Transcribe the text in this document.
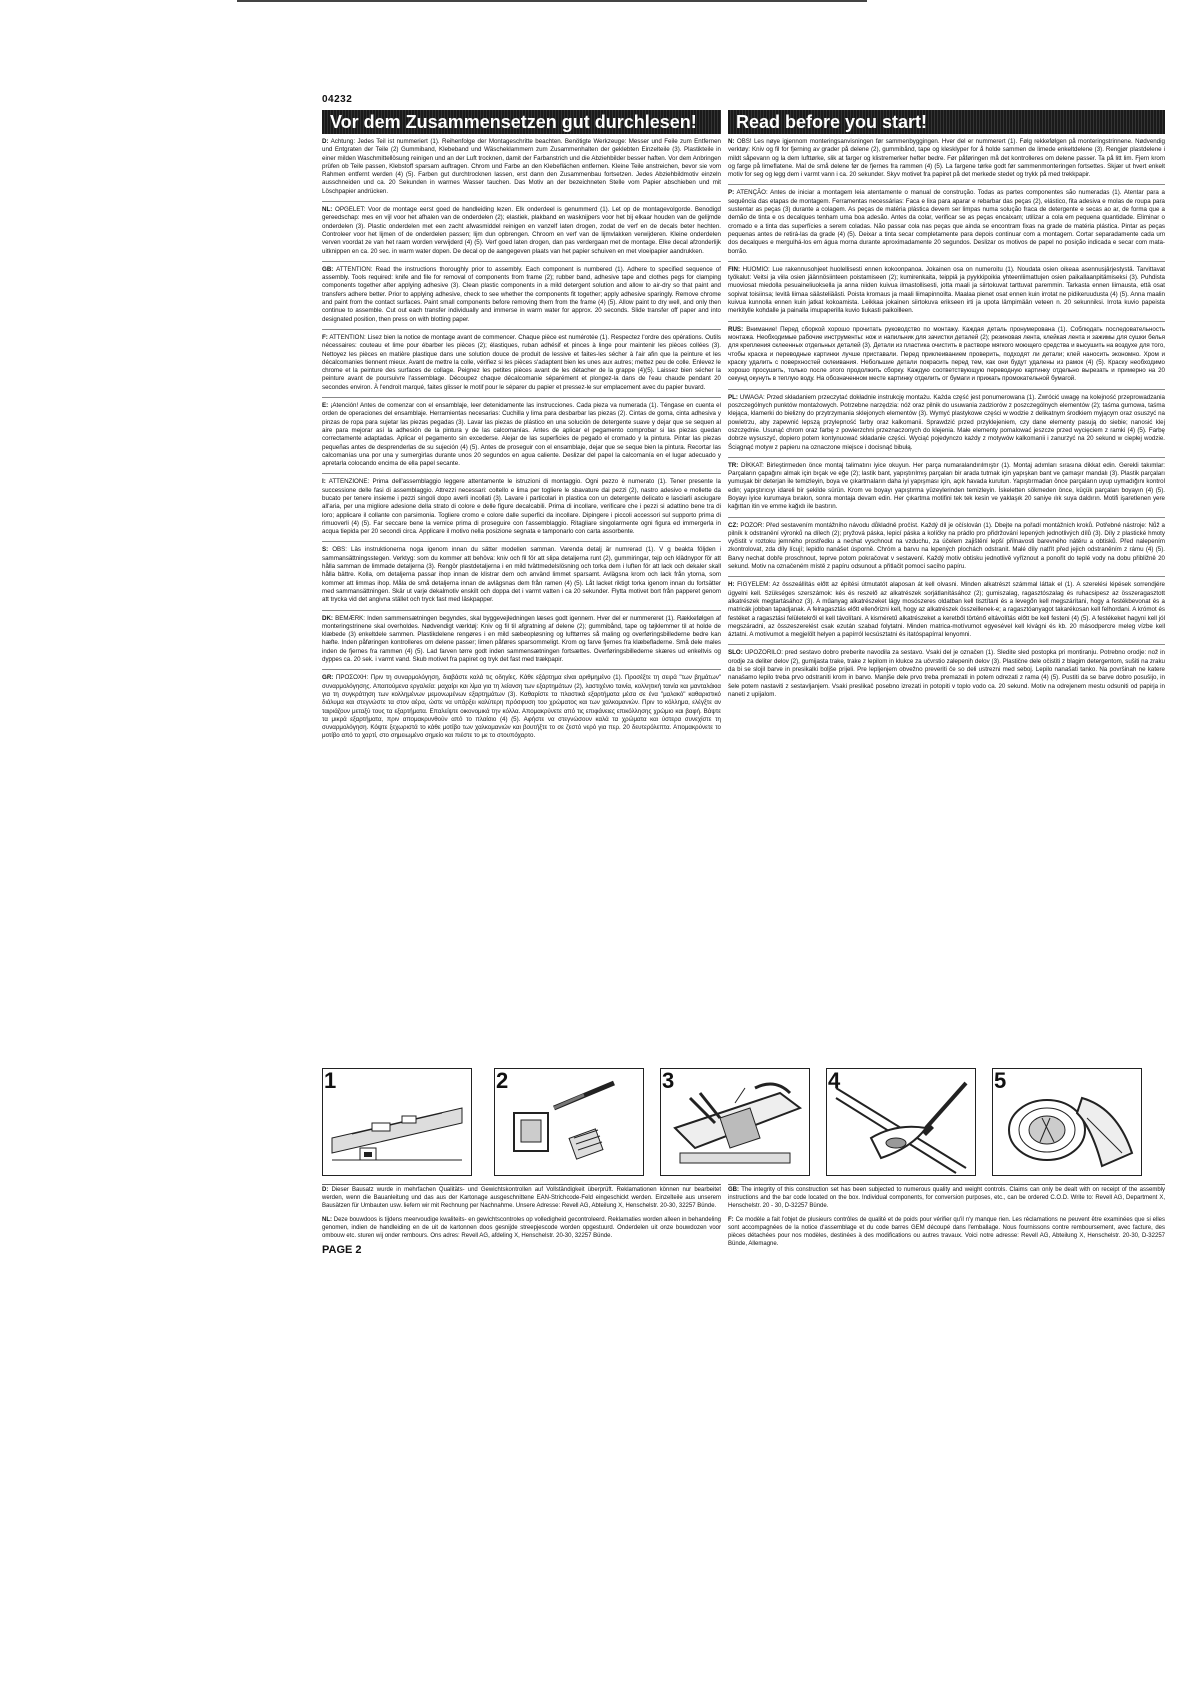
04232
Vor dem Zusammensetzen gut durchlesen!	Read before you start!
D: Achtung: Jedes Teil ist nummeriert (1). Reihenfolge der Montageschritte beachten. Benötigte Werkzeuge: Messer und Feile zum Entfernen und Entgraten der Teile (2) Gummiband, Klebeband und Wäscheklammern zum Zusammenhalten der geklebten Einzelteile (3). Plastikteile in einer milden Waschmittellösung reinigen und an der Luft trocknen, damit der Farbanstrich und die Abziehbilder besser haften. Vor dem Anbringen prüfen ob Teile passen, Klebstoff sparsam auftragen. Chrom und Farbe an den Klebeflächen entfernen. Kleine Teile anstreichen, bevor sie vom Rahmen entfernt werden (4) (5). Farben gut durchtrocknen lassen, erst dann den Zusammenbau fortsetzen. Jedes Abziehbildmotiv einzeln ausschneiden und ca. 20 Sekunden in warmes Wasser tauchen. Das Motiv an der bezeichneten Stelle vom Papier abschieben und mit Löschpapier andrücken.
NL: OPGELET: Voor de montage eerst goed de handleiding lezen. Elk onderdeel is genummerd (1). Let op de montagevolgorde. Benodigd gereedschap: mes en vijl voor het afhalen van de onderdelen (2); elastiek, plakband en wasknijpers voor het bij elkaar houden van de gelijmde onderdelen (3). Plastic onderdelen met een zacht afwasmiddel reinigen en vanzelf laten drogen, zodat de verf en de decals beter hechten. Controleer voor het lijmen of de onderdelen passen; lijm dun opbrengen. Chroom en verf van de lijmvlakken verwijderen. Kleine onderdelen verven voordat ze van het raam worden verwijderd (4) (5). Verf goed laten drogen, dan pas verdergaan met de montage. Elke decal afzonderlijk uitknippen en ca. 20 sec. in warm water dopen. De decal op de aangegeven plaats van het papier schuiven en met vloeipapier aandrukken.
GB: ATTENTION: Read the instructions thoroughly prior to assembly. Each component is numbered (1). Adhere to specified sequence of assembly. Tools required: knife and file for removal of components from frame (2); rubber band, adhesive tape and clothes pegs for clamping components together after applying adhesive (3). Clean plastic components in a mild detergent solution and allow to air-dry so that paint and transfers adhere better. Prior to applying adhesive, check to see whether the components fit together; apply adhesive sparingly. Remove chrome and paint from the contact surfaces. Paint small components before removing them from the frame (4) (5). Allow paint to dry well, and only then continue to assemble. Cut out each transfer individually and immerse in warm water for approx. 20 seconds. Slide transfer off paper and into designated position, then press on with blotting paper.
F: ATTENTION: Lisez bien la notice de montage avant de commencer. Chaque pièce est numérotée (1). Respectez l'ordre des opérations. Outils nécessaires: couteau et lime pour ébarber les pièces (2); élastiques, ruban adhésif et pinces à linge pour maintenir les pièces collées (3). Nettoyez les pièces en matière plastique dans une solution douce de produit de lessive et faites-les sécher à l'air afin que la peinture et les décalcomanies tiennent mieux. Avant de mettre la colle, vérifiez si les pièces s'adaptent bien les unes aux autres; mettez peu de colle. Enlevez le chrome et la peinture des surfaces de collage. Peignez les petites pièces avant de les détacher de la grappe (4)(5). Laissez bien sécher la peinture avant de poursuivre l'assemblage. Découpez chaque décalcomanie séparément et plongez-la dans de l'eau chaude pendant 20 secondes environ. À l'endroit marqué, faites glisser le motif pour le séparer du papier et pressez-le sur emplacement avec du papier buvard.
E: ¡Atención! Antes de comenzar con el ensamblaje, leer detenidamente las instrucciones. Cada pieza va numerada (1). Téngase en cuenta el orden de operaciones del ensamblaje. Herramientas necesarias: Cuchilla y lima para desbarbar las piezas (2). Cintas de goma, cinta adhesiva y pinzas de ropa para sujetar las piezas pegadas (3). Lavar las piezas de plástico en una solución de detergente suave y dejar que se sequen al aire para mejorar así la adhesión de la pintura y de las calcomanías. Antes de aplicar el pegamento comprobar si las piezas quedan correctamente adaptadas. Aplicar el pegamento sin excederse. Alejar de las superficies de pegado el cromado y la pintura. Pintar las piezas pequeñas antes de desprenderlas de su sujeción (4) (5). Antes de proseguir con el ensamblaje, dejar que se seque bien la pintura. Recortar las calcomanías una por una y sumergirlas durante unos 20 segundos en agua caliente. Deslizar del papel la calcomanía en el lugar adecuado y apretarla colocando encima de ella papel secante.
I: ATTENZIONE: Prima dell'assemblaggio leggere attentamente le istruzioni di montaggio. Ogni pezzo è numerato (1). Tener presente la successione delle fasi di assemblaggio. Attrezzi necessari: coltello e lima per togliere le sbavature dai pezzi (2), nastro adesivo e mollette da bucato per tenere insieme i pezzi singoli dopo averli incollati (3). Lavare i particolari in plastica con un detergente delicato e lasciarli asciugare all'aria, per una migliore adesione della strato di colore e delle figure decalcabili. Prima di incollare, verificare che i pezzi si adattino bene tra di loro; applicare il collante con parsimonia. Togliere cromo e colore dalle superfici da incollare. Dipingere i piccoli accessori sul supporto prima di rimuoverli (4) (5). Far seccare bene la vernice prima di proseguire con l'assemblaggio. Ritagliare singolarmente ogni figura ed immergerla in acqua tiepida per 20 secondi circa. Applicare il motivo nella posizione segnata e tamponarlo con carta assorbente.
S: OBS: Läs instruktionerna noga igenom innan du sätter modellen samman. Varenda detalj är numrerad (1). V g beakta följden i sammansättningsstegen. Verktyg: som du kommer att behöva: kniv och fil för att slipa detaljerna runt (2), gummiringar, tejp och klädnypor för att hålla samman de limmade detaljerna (3). Rengör plastdetaljerna i en mild tvättmedelslösning och torka dem i luften för att lack och dekaler skall hålla bättre. Kolla, om detaljerna passar ihop innan de klistrar dem och använd limmet sparsamt. Avlägsna krom och lack från ytorna, som kommer att limmas ihop. Måla de små detaljerna innan de avlägsnas dem från ramen (4) (5). Låt lacket riktigt torka igenom innan du fortsätter med sammansättningen. Skär ut varje dekalmotiv enskilt och doppa det i varmt vatten i ca 20 sekunder. Flytta motivet bort från papperet genom att trycka vid det angivna stället och tryck fast med läskpapper.
DK: BEMÆRK: Inden sammensætningen begyndes, skal byggevejledningen læses godt igennem. Hver del er nummereret (1). Rækkefølgen af monteringstrinene skal overholdes. Nødvendigt værktøj: Kniv og fil til afgratning af delene (2); gummibånd, tape og tøjklemmer til at holde de klæbede (3) enkeltdele sammen. Plastikdelene rengøres i en mild sæbeopløsning og lufttørres så maling og overføringsbillederne bedre kan hæfte. Inden påføringen kontrolleres om delene passer; limen påføres sparsommeligt. Krom og farve fjernes fra klæbefladerne. Små dele males inden de fjernes fra rammen (4) (5). Lad farven tørre godt inden sammensætningen fortsættes. Overføringsbillederne skæres ud enkeltvis og dyppes ca. 20 sek. i varmt vand. Skub motivet fra papiret og tryk det fast med trækpapir.
GR: ΠΡΟΣΟΧΗ: Πριν τη συναρμολόγηση, διαβάστε καλά τις οδηγίες. Κάθε εξάρτημα είναι αριθμημένο (1). Προσέξτε τη σειρά "των βημάτων" συναρμολόγησης. Απαιτούμενα εργαλεία: μαχαίρι και λίμα για τη λείανση των εξαρτημάτων (2), λαστιχένιο ταινία, κολλητική ταινία και μανταλάκια για τη συγκράτηση των κολλημένων μεμονωμένων εξαρτημάτων (3). Καθαρίστε τα πλαστικά εξαρτήματα μέσα σε ένα "μαλακό" καθαριστικό διάλυμα και στεγνώστε τα στον αέρα, ώστε να υπάρξει καλύτερη πρόσφυση του χρώματος και των χαλκομανιών. Πριν το κόλλημα, ελέγξτε αν ταιριάζουν μεταξύ τους τα εξαρτήματα. Επαλείψτε οικονομικά την κόλλα. Απομακρύνετε από τις επιφάνειες επικόλλησης χρώμιο και βαφή. Βάψτε τα μικρά εξαρτήματα, πριν απομακρυνθούν από το πλαίσιο (4) (5). Αφήστε να στεγνώσουν καλά τα χρώματα και ύστερα συνεχίστε τη συναρμολόγηση. Κόψτε ξεχωριστά το κάθε μοτίβο των χαλκομανιών και βουτήξτε το σε ζεστό νερό για περ. 20 δευτερόλεπτα. Απομακρύνετε το μοτίβο από το χαρτί, στο σημειωμένο σημείο και πιέστε το με το στουπόχαρτο.
N: OBS! Les nøye igjennom monteringsanvisningen før sammenbyggingen. Hver del er nummerert (1). Følg rekkefølgen på monteringstrinnene. Nødvendig verktøy: Kniv og fil for fjerning av grader på delene (2), gummibånd, tape og klesklyper for å holde sammen de limede enkeltdelene (3). Rengjør plastdelene i mildt såpevann og la dem lufttørke, slik at farger og klistremerker hefter bedre. Før påføringen må det kontrolleres om delene passer. Ta på litt lim. Fjern krom og farge på limeflatene. Mal de små delene før de fjernes fra rammen (4) (5). La fargene tørke godt før sammenmonteringen fortsettes. Skjær ut hvert enkelt motiv for seg og legg dem i varmt vann i ca. 20 sekunder. Skyv motivet fra papiret på det merkede stedet og trykk på med trekkpapir.
P: ATENÇÃO: Antes de iniciar a montagem leia atentamente o manual de construção. Todas as partes componentes são numeradas (1). Atentar para a sequência das etapas de montagem. Ferramentas necessárias: Faca e lixa para aparar e rebarbar das peças (2), elástico, fita adesiva e molas de roupa para sustentar as peças (3) durante a colagem. As peças de matéria plástica devem ser limpas numa solução fraca de detergente e secas ao ar, de forma que a demão de tinta e os decalques tenham uma boa adesão. Antes da colar, verificar se as peças encaixam; utilizar a cola em pequena quantidade. Eliminar o cromado e a tinta das superfícies a serem coladas. Não passar cola nas peças que ainda se encontram fixas na grade de matéria plástica. Pintar as peças pequenas antes de retirá-las da grade (4) (5). Deixar a tinta secar completamente para depois continuar com a montagem. Cortar separadamente cada um dos decalques e mergulhá-los em água morna durante aproximadamente 20 segundos. Deslizar os motivos de papel no posição indicada e secar com mata-borrão.
FIN: HUOMIO: Lue rakennusohjeet huolellisesti ennen kokoonpanoa. Jokainen osa on numeroitu (1). Noudata osien oikeaa asennusjärjestystä. Tarvittavat työkalut: Veitsi ja viila osien jäännösiinteen poistamiseen (2); kumirenkaita, teippiä ja pyykkipoikia yhteenliimattujen osien paikallaanpitämiseksi (3). Puhdista muoviosat miedolla pesuaineliuoksella ja anna niiden kuivua ilmastollisesti, jotta maali ja siirtokuvat tarttuvat paremmin. Tarkasta ennen liimausta, että osat sopivat toisiinsa; levitä liimaa säästeliäästi. Poista kromaus ja maali liimapinnoilta. Maalaa pienet osat ennen kuin irrotat ne pidikeruudusta (4) (5). Anna maalin kuivua kunnolla ennen kuin jatkat kokoamista. Leikkaa jokainen siirtokuva erikseen irti ja upota lämpimään veteen n. 20 sekunniksi. Irrota kuvio papeista merkitylle kohdalle ja painalla imupaperilla kuvio tiukasti paikoilleen.
RUS: Внимание! Перед сборкой хорошо прочитать руководство по монтажу. Каждая деталь пронумерована (1). Соблюдать последовательность монтажа. Необходимые рабочие инструменты: нож и напильник для зачистки деталей (2); резиновая лента, клейкая лента и зажимы для сушки белья для крепления склеенных отдельных деталей (3). Детали из пластика очистить в растворе мягкого моющего средства и высушить на воздухе для того, чтобы краска и переводные картинки лучше приставали. Перед приклеиванием проверить, подходят ли детали; клей наносить экономно. Хром и краску удалить с поверхностей склеивания. Небольшие детали покрасить перед тем, как они будут удалены из рамок (4) (5). Краску необходимо хорошо просушить, только после этого продолжить сборку. Каждую соответствующую переводную картинку отдельно вырезать и примерно на 20 секунд окунуть в теплую воду. На обозначенном месте картинку отделить от бумаги и прижать промокательной бумагой.
PL: UWAGA: Przed składaniem przeczytać dokładnie instrukcję montażu. Każda część jest ponumerowana (1). Zwrócić uwagę na kolejność przeprowadzania poszczególnych punktów montażowych. Potrzebne narzędzia: nóż oraz pilnik do usuwania zadziorów z poszczególnych elementów (2); taśma gumowa, taśma klejąca, klamerki do bielizny do przytrzymania sklejonych elementów (3). Wymyć plastykowe części w wodzie z delikatnym środkiem myjącym oraz osuszyć na powietrzu, aby zapewnić lepszą przylepność farby oraz kalkomanii. Sprawdzić przed przyklejeniem, czy dane elementy pasują do siebie; nanosić klej oszczędnie. Usunąć chrom oraz farbę z powierzchni przeznaczonych do klejenia. Małe elementy pomalować jeszcze przed wycięciem z ramki (4) (5). Farbę dobrze wysuszyć, dopiero potem kontynuować składanie części. Wyciąć pojedynczo każdy z motywów kalkomanii i zanurzyć na 20 sekund w ciepłej wodzie. Ściągnąć motyw z papieru na oznaczone miejsce i docisnąć bibułą.
TR: DİKKAT: Birleştirmeden önce montaj talimatını iyice okuyun. Her parça numaralandırılmıştır (1). Montaj adımları sırasına dikkat edin. Gerekli takımlar: Parçaların çapağını almak için bıçak ve eğe (2); lastik bant, yapıştırılmış parçaları bir arada tutmak için yapışkan bant ve çamaşır mandalı (3). Plastik parçaları yumuşak bir deterjan ile temizleyin, boya ve çıkartmaların daha iyi yapışması için, açık havada kurutun. Yapıştırmadan önce parçaların uyup uymadığını kontrol edin; yapıştırıcıyı idareli bir şekilde sürün. Krom ve boyayı yapıştırma yüzeylerinden temizleyin. İskeletten sökmeden önce, küçük parçaları boyayın (4) (5). Boyayı iyice kurumaya bırakın, sonra montaja devam edin. Her çıkartma motifini tek tek kesin ve yaklaşık 20 saniye ılık suya daldırın. Motifi işaretlenen yere kağıttan itin ve emme kağıdı ile bastırın.
CZ: POZOR: Před sestavením montážního návodu důkladně pročíst. Každý díl je očíslován (1). Dbejte na pořadí montážních kroků. Potřebné nástroje: Nůž a pilník k odstranění výronků na dílech (2); pryžová páska, lepicí páska a kolíčky na prádlo pro přidržování lepených jednotlivých dílů (3). Díly z plastické hmoty vyčistit v roztoku jemného prostředku a nechat vyschnout na vzduchu, za účelem zajištění lepší přilnavosti barevného nátěru a obtisků. Před nalepením zkontrolovat, zda díly lícují; lepidlo nanášet úsporně. Chróm a barvu na lepených plochách odstranit. Malé díly natřít před jejich odstraněním z rámu (4) (5). Barvy nechat dobře proschnout, teprve potom pokračovat v sestavení. Každý motiv obtisku jednotlivě vyříznout a ponořit do teplé vody na dobu přibližně 20 sekund. Motiv na označeném místě z papíru odsunout a přitlačit pomocí sacího papíru.
H: FIGYELEM: Az összeállítás előtt az építési útmutatót alaposan át kell olvasni. Minden alkatrészt számmal láttak el (1). A szerelési lépések sorrendjére ügyelni kell. Szükséges szerszámok: kés és reszelő az alkatrészek sorjátlanításához (2); gumiszalag, ragasztószalag és ruhacsipesz az összeragasztott alkatrészek megtartásához (3). A műanyag alkatrészeket lágy mosószeres oldatban kell tisztítani és a levegőn kell megszárítani, hogy a festékbevonat és a matricák jobban tapadjanak. A felragasztás előtt ellenőrizni kell, hogy az alkatrészek összeillenek-e; a ragasztóanyagot takarékosan kell felhordani. A krómot és festéket a ragasztási felületekről el kell távolítani. A kisméretű alkatrészeket a keretből történő eltávolítás előtt be kell festeni (4) (5). A festékeket hagyni kell jól megszáradni, az összeszerelést csak ezután szabad folytatni. Minden matrica-motívumot egyesével kell kivágni és kb. 20 másodpercre meleg vízbe kell áztatni. A motívumot a megjelölt helyen a papírról lecsúsztatni és itatóspapírral lenyomni.
SLO: UPOZORILO: pred sestavo dobro preberite navodila za sestavo. Vsaki del je označen (1). Sledite sled postopka pri montiranju. Potrebno orodje: nož in orodje za deliter delov (2), gumijasta trake, trake z lepilom in klukce za učvrstio zalepenih delov (3). Plastične dele očistiti z blagim detergentom, sušiti na zraku da bi se slojil barve in presikalki boljše prijeli. Pre lepljenjem obvežno preveriti če so deli ustrezni med seboj. Lepilo nanašati tanko. Na površinah ne katere nanašamo lepilo treba prvo odstraniti krom in barvo. Manjše dele prvo treba premazati in potem odrezati z rama (4) (5). Pustiti da se barve dobro posušijo, in šele potem nastaviti z sestavljanjem. Vsaki preslikač posebno izrezati in potopiti v toplo vodo ca. 20 sekund. Motiv na odrejenem mestu odsuniti od papirja in naneti z upijalom.
1	2	3	4	5
D: Dieser Bausatz wurde in mehrfachen Qualitäts- und Gewichtskontrollen auf Vollständigkeit überprüft. Reklamationen können nur bearbeitet werden, wenn die Bauanleitung und das aus der Kartonage ausgeschnittene EAN-Strichcode-Feld eingeschickt werden. Einzelteile aus unserem Bausätzen für Umbauten usw. liefern wir mit Rechnung per Nachnahme. Unsere Adresse: Revell AG, Abteilung X, Henschelstr. 20-30, 32257 Bünde.
NL: Deze bouwdoos is tijdens meervoudige kwaliteits- en gewichtscontroles op volledigheid gecontroleerd. Reklamaties worden alleen in behandeling genomen, indien de handleiding en de uit de kartonnen doos gesnijde streepjescode worden opgestuurd. Onderdelen uit onze bouwdozen voor ombouw etc. sturen wij onder rembours. Ons adres: Revell AG, afdeling X, Henschelstr. 20-30, 32257 Bünde.
GB: The integrity of this construction set has been subjected to numerous quality and weight controls. Claims can only be dealt with on receipt of the assembly instructions and the bar code located on the box. Individual components, for conversion purposes, etc., can be ordered C.O.D. Write to: Revell AG, Department X, Henschelstr. 20 - 30, D-32257 Bünde.
F: Ce modèle a fait l'objet de plusieurs contrôles de qualité et de poids pour vérifier qu'il n'y manque rien. Les réclamations ne peuvent être examinées que si elles sont accompagnées de la notice d'assemblage et du code barres GEM découpé dans l'emballage. Nous fournissons contre remboursement, avec facture, des pièces détachées pour nos modèles, destinées à des modifications ou autres travaux. Voici notre adresse: Revell AG, Abteilung X, Henschelstr. 20-30, D-32257 Bünde, Allemagne.
PAGE 2
